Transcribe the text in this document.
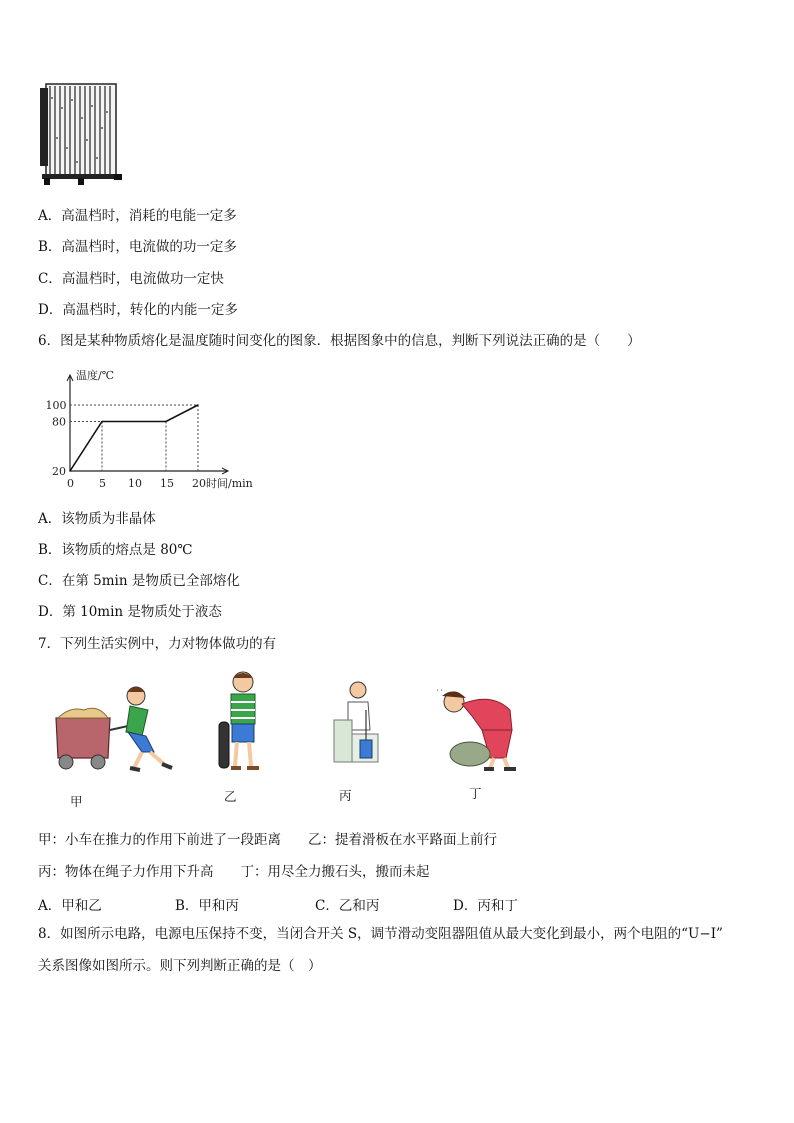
A．高温档时，消耗的电能一定多
B．高温档时，电流做的功一定多
C．高温档时，电流做功一定快
D．高温档时，转化的内能一定多
6．图是某种物质熔化是温度随时间变化的图象．根据图象中的信息，判断下列说法正确的是（　　）
温度/℃
时间/min
0 5 10 15 20
20
80
100
A．该物质为非晶体
B．该物质的熔点是 80℃
C．在第 5min 是物质已全部熔化
D．第 10min 是物质处于液态
7．下列生活实例中，力对物体做功的有
ˋˋ
甲	乙	丙	丁
甲：小车在推力的作用下前进了一段距离　　乙：提着滑板在水平路面上前行
丙：物体在绳子力作用下升高　　丁：用尽全力搬石头，搬而未起
A．甲和乙	B．甲和丙	C．乙和丙	D．丙和丁
8．如图所示电路，电源电压保持不变，当闭合开关 S，调节滑动变阻器阻值从最大变化到最小，两个电阻的“U−I”
关系图像如图所示。则下列判断正确的是（　）
